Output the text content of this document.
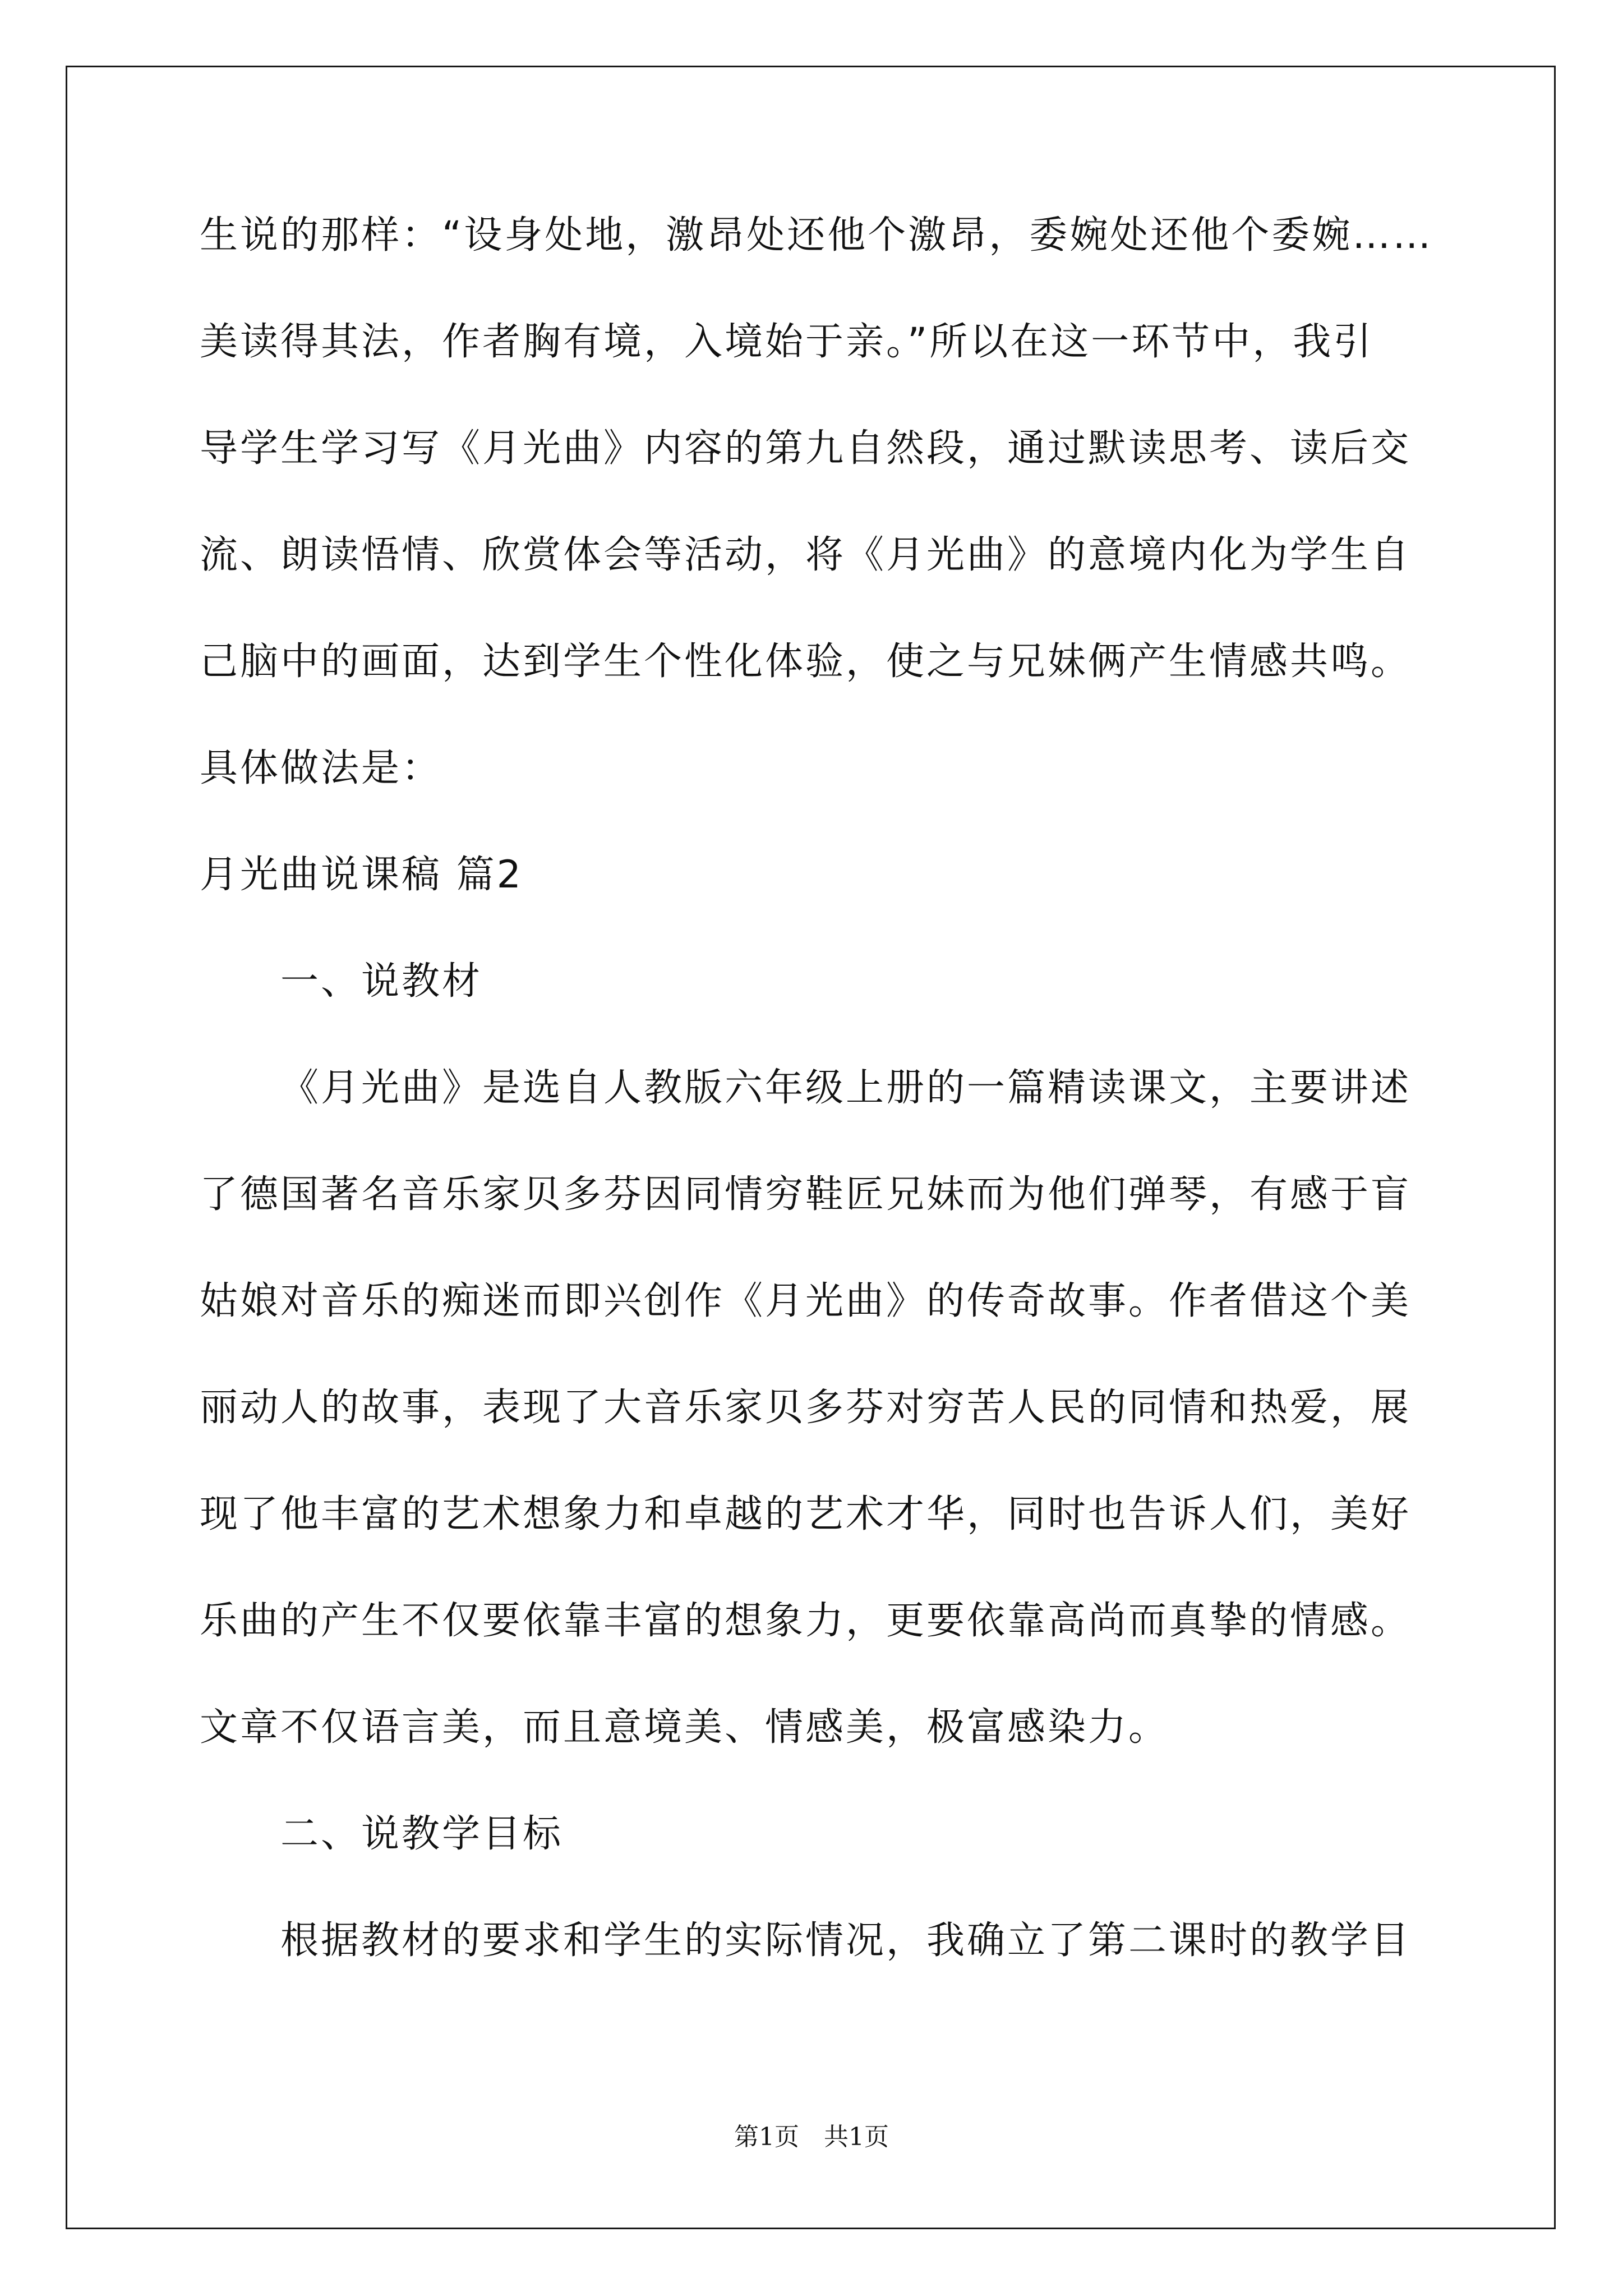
生说的那样：“设身处地，激昂处还他个激昂，委婉处还他个委婉……
美读得其法，作者胸有境，入境始于亲。”所以在这一环节中，我引
导学生学习写《月光曲》内容的第九自然段，通过默读思考、读后交
流、朗读悟情、欣赏体会等活动，将《月光曲》的意境内化为学生自
己脑中的画面，达到学生个性化体验，使之与兄妹俩产生情感共鸣。
具体做法是：
月光曲说课稿 篇2
一、说教材
《月光曲》是选自人教版六年级上册的一篇精读课文，主要讲述
了德国著名音乐家贝多芬因同情穷鞋匠兄妹而为他们弹琴，有感于盲
姑娘对音乐的痴迷而即兴创作《月光曲》的传奇故事。作者借这个美
丽动人的故事，表现了大音乐家贝多芬对穷苦人民的同情和热爱，展
现了他丰富的艺术想象力和卓越的艺术才华，同时也告诉人们，美好
乐曲的产生不仅要依靠丰富的想象力，更要依靠高尚而真挚的情感。
文章不仅语言美，而且意境美、情感美，极富感染力。
二、说教学目标
根据教材的要求和学生的实际情况，我确立了第二课时的教学目
第1页　共1页
